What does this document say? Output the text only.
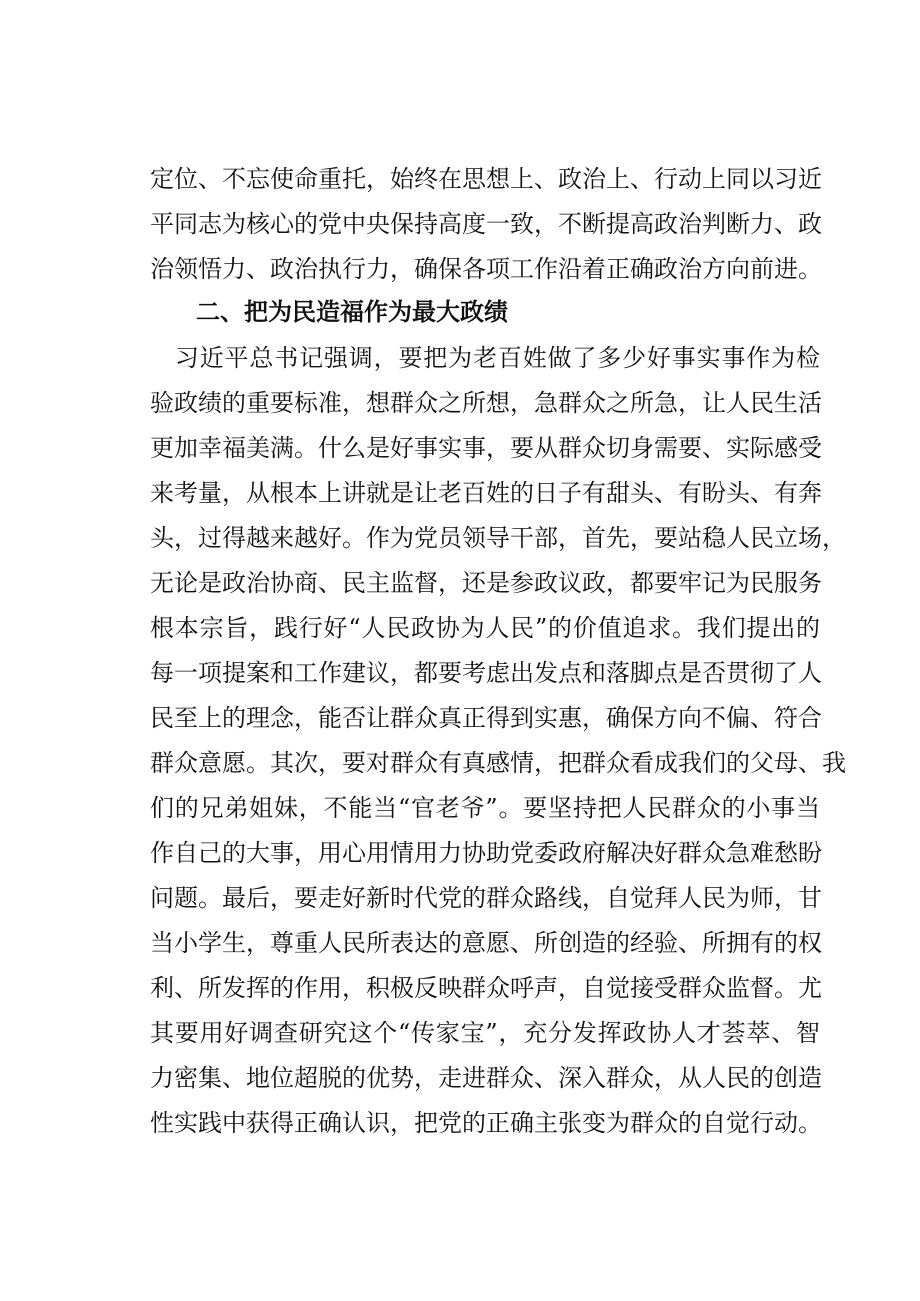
定位、不忘使命重托，始终在思想上、政治上、行动上同以习近
平同志为核心的党中央保持高度一致，不断提高政治判断力、政
治领悟力、政治执行力，确保各项工作沿着正确政治方向前进。
二、把为民造福作为最大政绩
　习近平总书记强调，要把为老百姓做了多少好事实事作为检
验政绩的重要标准，想群众之所想，急群众之所急，让人民生活
更加幸福美满。什么是好事实事，要从群众切身需要、实际感受
来考量，从根本上讲就是让老百姓的日子有甜头、有盼头、有奔
头，过得越来越好。作为党员领导干部，首先，要站稳人民立场，
无论是政治协商、民主监督，还是参政议政，都要牢记为民服务
根本宗旨，践行好“人民政协为人民”的价值追求。我们提出的
每一项提案和工作建议，都要考虑出发点和落脚点是否贯彻了人
民至上的理念，能否让群众真正得到实惠，确保方向不偏、符合
群众意愿。其次，要对群众有真感情，把群众看成我们的父母、我
们的兄弟姐妹，不能当“官老爷”。要坚持把人民群众的小事当
作自己的大事，用心用情用力协助党委政府解决好群众急难愁盼
问题。最后，要走好新时代党的群众路线，自觉拜人民为师，甘
当小学生，尊重人民所表达的意愿、所创造的经验、所拥有的权
利、所发挥的作用，积极反映群众呼声，自觉接受群众监督。尤
其要用好调查研究这个“传家宝”，充分发挥政协人才荟萃、智
力密集、地位超脱的优势，走进群众、深入群众，从人民的创造
性实践中获得正确认识，把党的正确主张变为群众的自觉行动。
